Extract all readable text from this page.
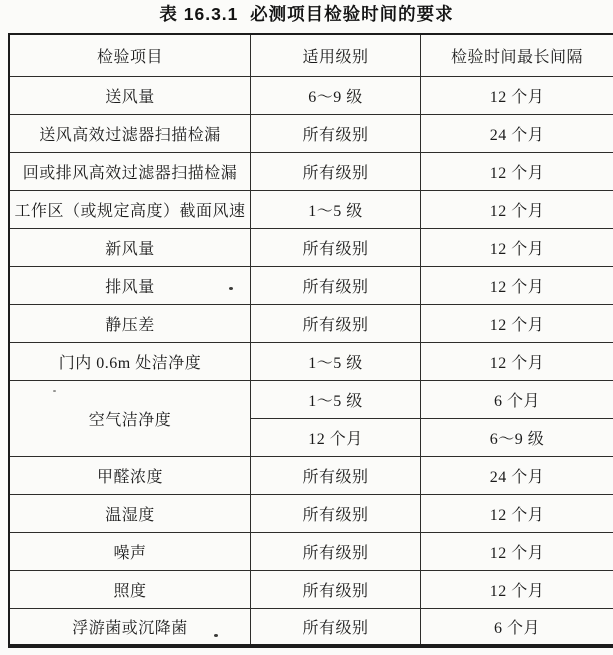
表 16.3.1  必测项目检验时间的要求
检验项目	适用级别	检验时间最长间隔
送风量	6～9 级	12 个月
送风高效过滤器扫描检漏	所有级别	24 个月
回或排风高效过滤器扫描检漏	所有级别	12 个月
工作区（或规定高度）截面风速	1～5 级	12 个月
新风量	所有级别	12 个月
排风量	所有级别	12 个月
静压差	所有级别	12 个月
门内 0.6m 处洁净度	1～5 级	12 个月
空气洁净度	1～5 级	6 个月
	12 个月	6～9 级
甲醛浓度	所有级别	24 个月
温湿度	所有级别	12 个月
噪声	所有级别	12 个月
照度	所有级别	12 个月
浮游菌或沉降菌	所有级别	6 个月
